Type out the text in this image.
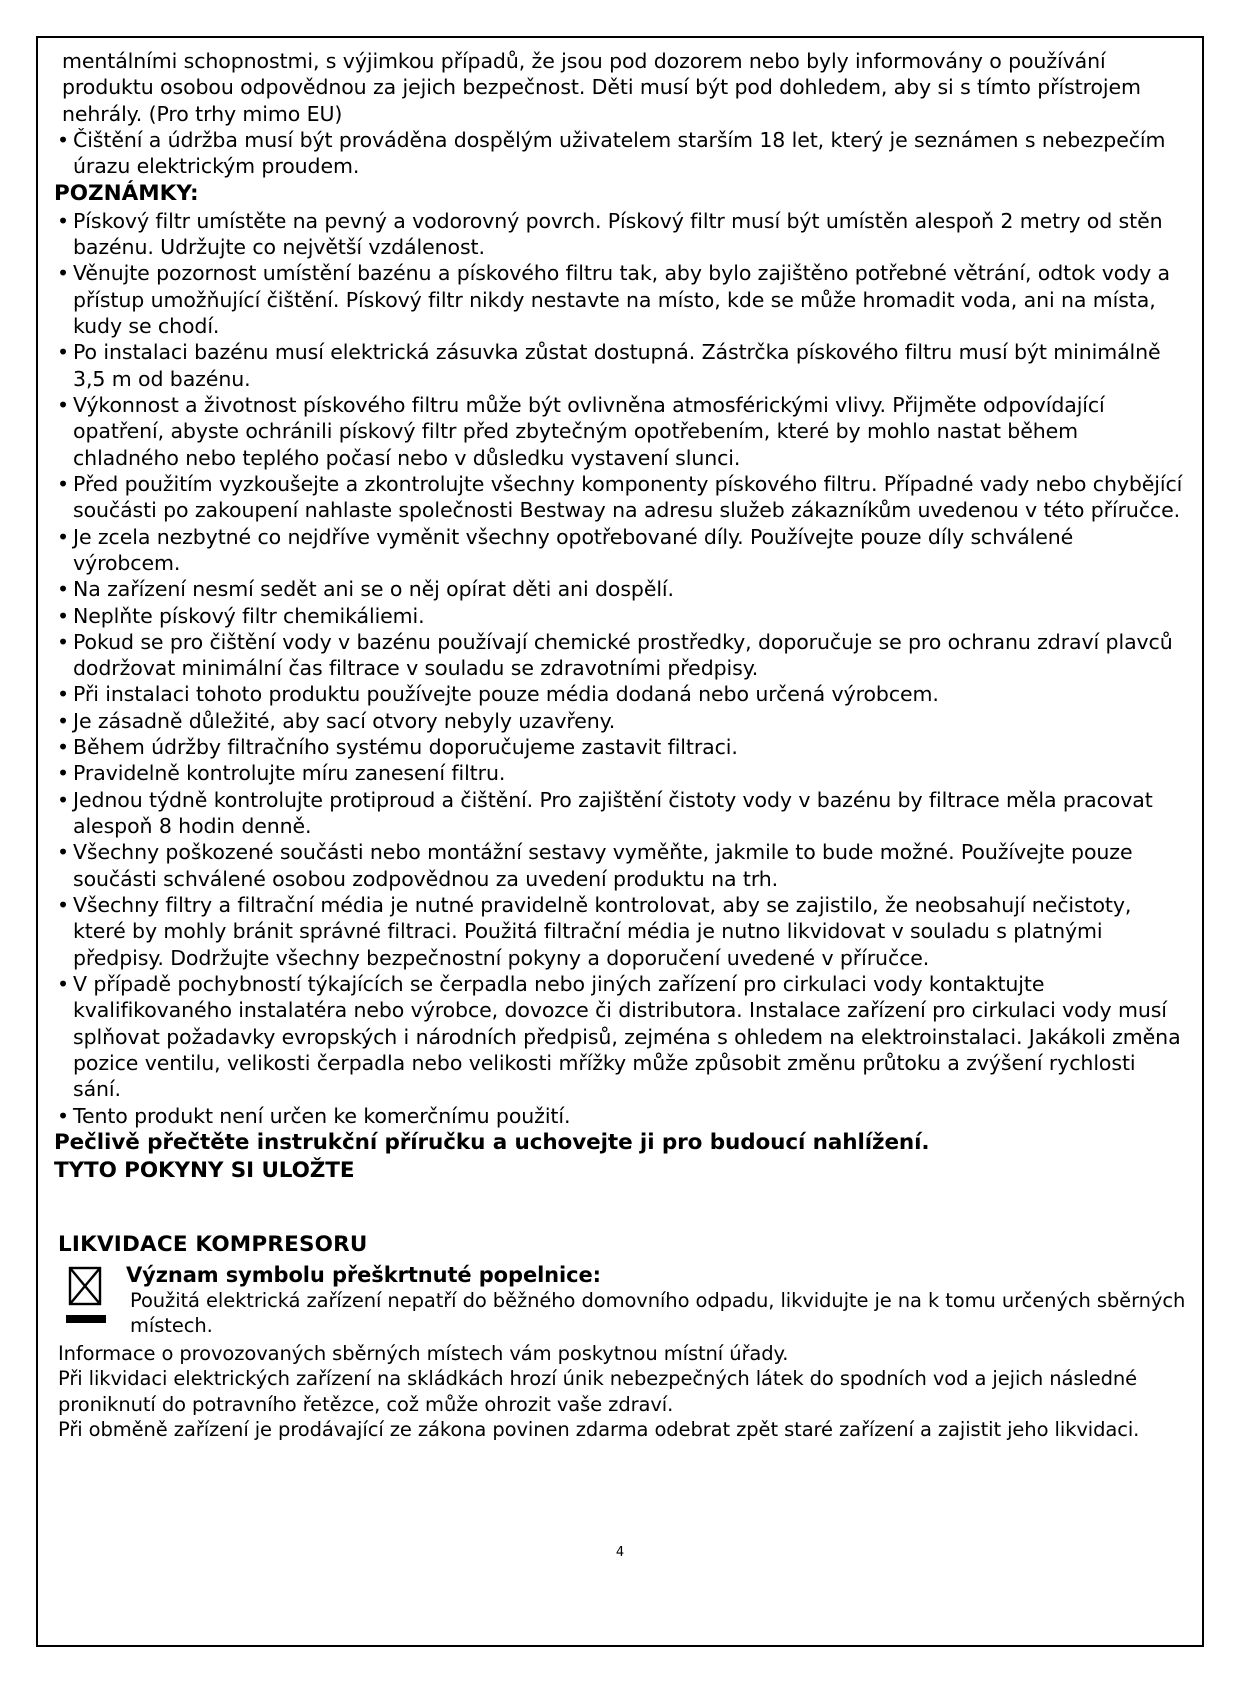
mentálními schopnostmi, s výjimkou případů, že jsou pod dozorem nebo byly informovány o používání produktu osobou odpovědnou za jejich bezpečnost. Děti musí být pod dohledem, aby si s tímto přístrojem nehrály. (Pro trhy mimo EU)

• Čištění a údržba musí být prováděna dospělým uživatelem starším 18 let, který je seznámen s nebezpečím úrazu elektrickým proudem.

POZNÁMKY:

• Pískový filtr umístěte na pevný a vodorovný povrch. Pískový filtr musí být umístěn alespoň 2 metry od stěn bazénu. Udržujte co největší vzdálenost.
• Věnujte pozornost umístění bazénu a pískového filtru tak, aby bylo zajištěno potřebné větrání, odtok vody a přístup umožňující čištění. Pískový filtr nikdy nestavte na místo, kde se může hromadit voda, ani na místa, kudy se chodí.
• Po instalaci bazénu musí elektrická zásuvka zůstat dostupná. Zástrčka pískového filtru musí být minimálně 3,5 m od bazénu.
• Výkonnost a životnost pískového filtru může být ovlivněna atmosférickými vlivy. Přijměte odpovídající opatření, abyste ochránili pískový filtr před zbytečným opotřebením, které by mohlo nastat během chladného nebo teplého počasí nebo v důsledku vystavení slunci.
• Před použitím vyzkoušejte a zkontrolujte všechny komponenty pískového filtru. Případné vady nebo chybějící součásti po zakoupení nahlaste společnosti Bestway na adresu služeb zákazníkům uvedenou v této příručce.
• Je zcela nezbytné co nejdříve vyměnit všechny opotřebované díly. Používejte pouze díly schválené výrobcem.
• Na zařízení nesmí sedět ani se o něj opírat děti ani dospělí.
• Neplňte pískový filtr chemikáliemi.
• Pokud se pro čištění vody v bazénu používají chemické prostředky, doporučuje se pro ochranu zdraví plavců dodržovat minimální čas filtrace v souladu se zdravotními předpisy.
• Při instalaci tohoto produktu používejte pouze média dodaná nebo určená výrobcem.
• Je zásadně důležité, aby sací otvory nebyly uzavřeny.
• Během údržby filtračního systému doporučujeme zastavit filtraci.
• Pravidelně kontrolujte míru zanesení filtru.
• Jednou týdně kontrolujte protiproud a čištění. Pro zajištění čistoty vody v bazénu by filtrace měla pracovat alespoň 8 hodin denně.
• Všechny poškozené součásti nebo montážní sestavy vyměňte, jakmile to bude možné. Používejte pouze součásti schválené osobou zodpovědnou za uvedení produktu na trh.
• Všechny filtry a filtrační média je nutné pravidelně kontrolovat, aby se zajistilo, že neobsahují nečistoty, které by mohly bránit správné filtraci. Použitá filtrační média je nutno likvidovat v souladu s platnými předpisy. Dodržujte všechny bezpečnostní pokyny a doporučení uvedené v příručce.
• V případě pochybností týkajících se čerpadla nebo jiných zařízení pro cirkulaci vody kontaktujte kvalifikovaného instalatéra nebo výrobce, dovozce či distributora. Instalace zařízení pro cirkulaci vody musí splňovat požadavky evropských i národních předpisů, zejména s ohledem na elektroinstalaci. Jakákoli změna pozice ventilu, velikosti čerpadla nebo velikosti mřížky může způsobit změnu průtoku a zvýšení rychlosti sání.
• Tento produkt není určen ke komerčnímu použití.

Pečlivě přečtěte instrukční příručku a uchovejte ji pro budoucí nahlížení.

TYTO POKYNY SI ULOŽTE

LIKVIDACE KOMPRESORU

Význam symbolu přeškrtnuté popelnice:

Použitá elektrická zařízení nepatří do běžného domovního odpadu, likvidujte je na k tomu určených sběrných místech.

Informace o provozovaných sběrných místech vám poskytnou místní úřady.

Při likvidaci elektrických zařízení na skládkách hrozí únik nebezpečných látek do spodních vod a jejich následné proniknutí do potravního řetězce, což může ohrozit vaše zdraví.

Při obměně zařízení je prodávající ze zákona povinen zdarma odebrat zpět staré zařízení a zajistit jeho likvidaci.

4
